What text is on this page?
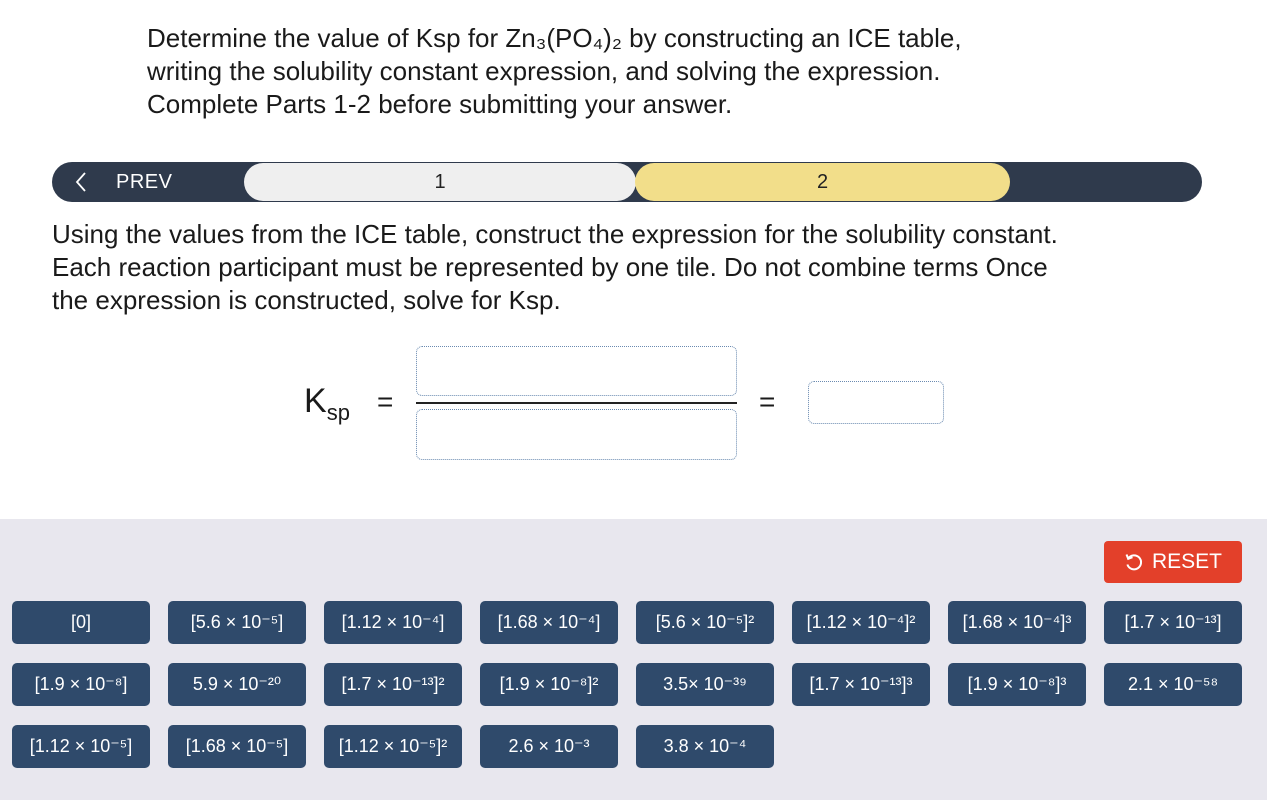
Determine the value of Ksp for Zn₃(PO₄)₂ by constructing an ICE table,

writing the solubility constant expression, and solving the expression.

Complete Parts 1-2 before submitting your answer.

PREV	1	2

Using the values from the ICE table, construct the expression for the solubility constant.

Each reaction participant must be represented by one tile. Do not combine terms Once

the expression is constructed, solve for Ksp.

$K_{sp}$ =	=
RESET
[0]	[5.6 × 10⁻⁵]	[1.12 × 10⁻⁴]	[1.68 × 10⁻⁴]	[5.6 × 10⁻⁵]²	[1.12 × 10⁻⁴]²	[1.68 × 10⁻⁴]³	[1.7 × 10⁻¹³]
[1.9 × 10⁻⁸]	5.9 × 10⁻²⁰	[1.7 × 10⁻¹³]²	[1.9 × 10⁻⁸]²	3.5× 10⁻³⁹	[1.7 × 10⁻¹³]³	[1.9 × 10⁻⁸]³	2.1 × 10⁻⁵⁸
[1.12 × 10⁻⁵]	[1.68 × 10⁻⁵]	[1.12 × 10⁻⁵]²	2.6 × 10⁻³	3.8 × 10⁻⁴
